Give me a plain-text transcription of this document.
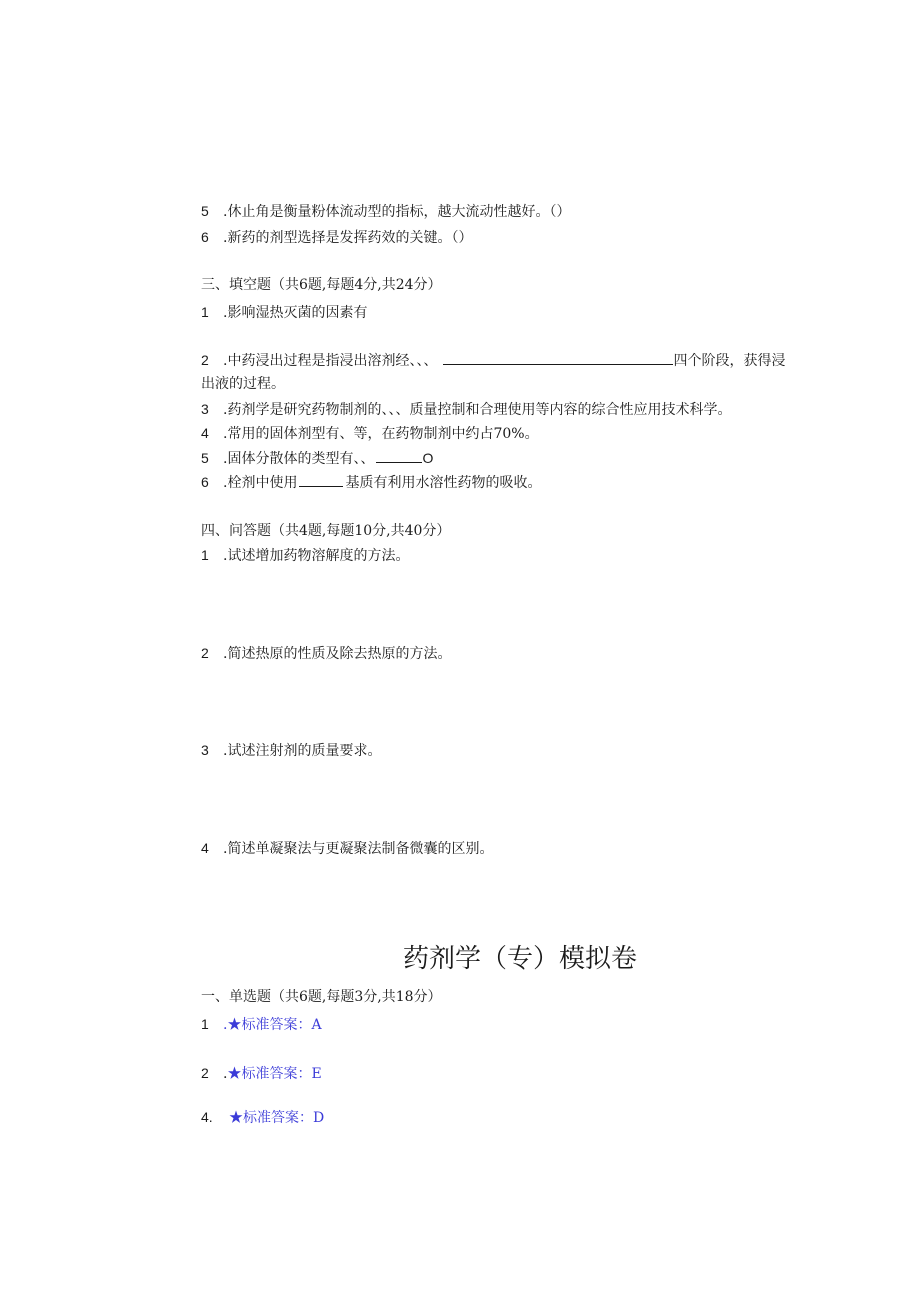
5 .休止角是衡量粉体流动型的指标，越大流动性越好。（）
6 .新药的剂型选择是发挥药效的关键。（）
三、填空题（共6题,每题4分,共24分）
1 .影响湿热灭菌的因素有
2 .中药浸出过程是指浸出溶剂经、、、	四个阶段，获得浸
出液的过程。
3 .药剂学是研究药物制剂的、、、质量控制和合理使用等内容的综合性应用技术科学。
4 .常用的固体剂型有、等，在药物制剂中约占70%。
5 .固体分散体的类型有、、	O
6 .栓剂中使用	基质有利用水溶性药物的吸收。
四、问答题（共4题,每题10分,共40分）
1 .试述增加药物溶解度的方法。
2 .简述热原的性质及除去热原的方法。
3 .试述注射剂的质量要求。
4 .简述单凝聚法与更凝聚法制备微囊的区别。
药剂学（专）模拟卷
一、单选题（共6题,每题3分,共18分）
1 .★标准答案：A
2 .★标准答案：E
4. ★标准答案：D
